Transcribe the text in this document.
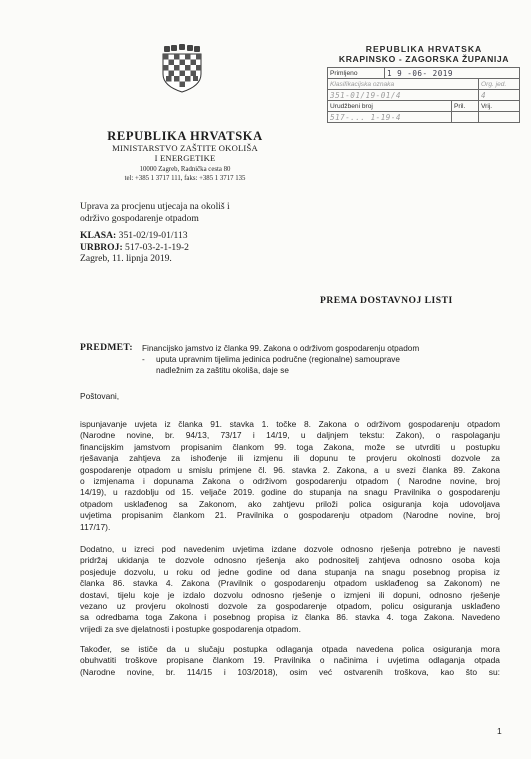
REPUBLIKA HRVATSKA
MINISTARSTVO ZAŠTITE OKOLIŠA
I ENERGETIKE
10000 Zagreb, Radnička cesta 80
tel: +385 1 3717 111, faks: +385 1 3717 135
Uprava za procjenu utjecaja na okoliš i
održivo gospodarenje otpadom
KLASA: 351-02/19-01/113
URBROJ: 517-03-2-1-19-2
Zagreb, 11. lipnja 2019.
REPUBLIKA HRVATSKA
KRAPINSKO - ZAGORSKA ŽUPANIJA
Primljeno	1 9 -06- 2019		
Klasifikacijska oznaka			Org. jed.
351-01/19-01/4			4
Urudžbeni broj		Pril.	Vrij.
517-... 1-19-4			
PREMA DOSTAVNOJ LISTI
PREDMET: Financijsko jamstvo iz članka 99. Zakona o održivom gospodarenju otpadom
- uputa upravnim tijelima jedinica područne (regionalne) samouprave
nadležnim za zaštitu okoliša, daje se
Poštovani,
ispunjavanje uvjeta iz članka 91. stavka 1. točke 8. Zakona o održivom gospodarenju otpadom
(Narodne novine, br. 94/13, 73/17 i 14/19, u daljnjem tekstu: Zakon), o raspolaganju
financijskim jamstvom propisanim člankom 99. toga Zakona, može se utvrditi u postupku
rješavanja zahtjeva za ishođenje ili izmjenu ili dopunu te provjeru okolnosti dozvole za
gospodarenje otpadom u smislu primjene čl. 96. stavka 2. Zakona, a u svezi članka 89. Zakona
o izmjenama i dopunama Zakona o održivom gospodarenju otpadom ( Narodne novine, broj
14/19), u razdoblju od 15. veljače 2019. godine do stupanja na snagu Pravilnika o gospodarenju
otpadom usklađenog sa Zakonom, ako zahtjevu priloži polica osiguranja koja udovoljava
uvjetima propisanim člankom 21. Pravilnika o gospodarenju otpadom (Narodne novine, broj
117/17).
Dodatno, u izreci pod navedenim uvjetima izdane dozvole odnosno rješenja potrebno je navesti
pridržaj ukidanja te dozvole odnosno rješenja ako podnositelj zahtjeva odnosno osoba koja
posjeduje dozvolu, u roku od jedne godine od dana stupanja na snagu posebnog propisa iz
članka 86. stavka 4. Zakona (Pravilnik o gospodarenju otpadom usklađenog sa Zakonom) ne
dostavi, tijelu koje je izdalo dozvolu odnosno rješenje o izmjeni ili dopuni, odnosno rješenje
vezano uz provjeru okolnosti dozvole za gospodarenje otpadom, policu osiguranja usklađeno
sa odredbama toga Zakona i posebnog propisa iz članka 86. stavka 4. toga Zakona. Navedeno
vrijedi za sve djelatnosti i postupke gospodarenja otpadom.
Također, se ističe da u slučaju postupka odlaganja otpada navedena polica osiguranja mora
obuhvatiti troškove propisane člankom 19. Pravilnika o načinima i uvjetima odlaganja otpada
(Narodne novine, br. 114/15 i 103/2018), osim već ostvarenih troškova, kao što su:
1
